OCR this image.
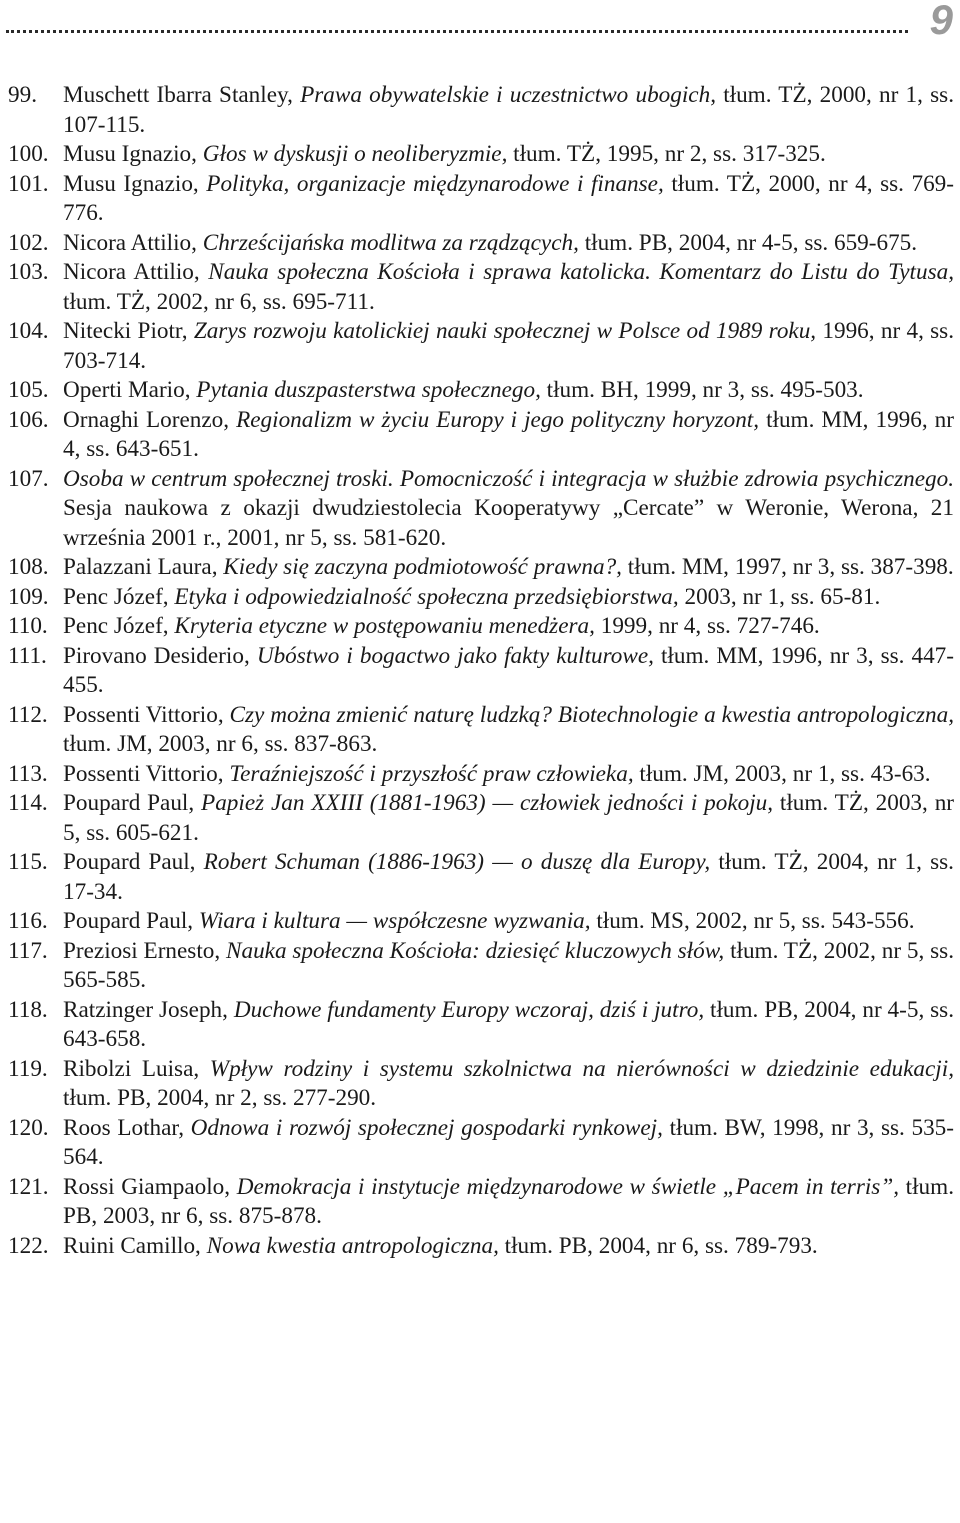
9
99.	Muschett Ibarra Stanley, Prawa obywatelskie i uczestnictwo ubogich, tłum. TŻ, 2000, nr 1, ss. 107-115.
100. Musu Ignazio, Głos w dyskusji o neoliberyzmie, tłum. TŻ, 1995, nr 2, ss. 317-325.
101. Musu Ignazio, Polityka, organizacje międzynarodowe i finanse, tłum. TŻ, 2000, nr 4, ss. 769-776.
102. Nicora Attilio, Chrześcijańska modlitwa za rządzących, tłum. PB, 2004, nr 4-5, ss. 659-675.
103. Nicora Attilio, Nauka społeczna Kościoła i sprawa katolicka. Komentarz do Listu do Tytusa, tłum. TŻ, 2002, nr 6, ss. 695-711.
104. Nitecki Piotr, Zarys rozwoju katolickiej nauki społecznej w Polsce od 1989 roku, 1996, nr 4, ss. 703-714.
105. Operti Mario, Pytania duszpasterstwa społecznego, tłum. BH, 1999, nr 3, ss. 495-503.
106. Ornaghi Lorenzo, Regionalizm w życiu Europy i jego polityczny horyzont, tłum. MM, 1996, nr 4, ss. 643-651.
107. Osoba w centrum społecznej troski. Pomocniczość i integracja w służbie zdrowia psychicznego. Sesja naukowa z okazji dwudziestolecia Kooperatywy „Cercate” w Weronie, Werona, 21 września 2001 r., 2001, nr 5, ss. 581-620.
108. Palazzani Laura, Kiedy się zaczyna podmiotowość prawna?, tłum. MM, 1997, nr 3, ss. 387-398.
109. Penc Józef, Etyka i odpowiedzialność społeczna przedsiębiorstwa, 2003, nr 1, ss. 65-81.
110. Penc Józef, Kryteria etyczne w postępowaniu menedżera, 1999, nr 4, ss. 727-746.
111. Pirovano Desiderio, Ubóstwo i bogactwo jako fakty kulturowe, tłum. MM, 1996, nr 3, ss. 447-455.
112. Possenti Vittorio, Czy można zmienić naturę ludzką? Biotechnologie a kwestia antropologiczna, tłum. JM, 2003, nr 6, ss. 837-863.
113. Possenti Vittorio, Teraźniejszość i przyszłość praw człowieka, tłum. JM, 2003, nr 1, ss. 43-63.
114. Poupard Paul, Papież Jan XXIII (1881-1963) — człowiek jedności i pokoju, tłum. TŻ, 2003, nr 5, ss. 605-621.
115. Poupard Paul, Robert Schuman (1886-1963) — o duszę dla Europy, tłum. TŻ, 2004, nr 1, ss. 17-34.
116. Poupard Paul, Wiara i kultura — współczesne wyzwania, tłum. MS, 2002, nr 5, ss. 543-556.
117. Preziosi Ernesto, Nauka społeczna Kościoła: dziesięć kluczowych słów, tłum. TŻ, 2002, nr 5, ss. 565-585.
118. Ratzinger Joseph, Duchowe fundamenty Europy wczoraj, dziś i jutro, tłum. PB, 2004, nr 4-5, ss. 643-658.
119. Ribolzi Luisa, Wpływ rodziny i systemu szkolnictwa na nierówności w dziedzinie edukacji, tłum. PB, 2004, nr 2, ss. 277-290.
120. Roos Lothar, Odnowa i rozwój społecznej gospodarki rynkowej, tłum. BW, 1998, nr 3, ss. 535-564.
121. Rossi Giampaolo, Demokracja i instytucje międzynarodowe w świetle „Pacem in terris”, tłum. PB, 2003, nr 6, ss. 875-878.
122. Ruini Camillo, Nowa kwestia antropologiczna, tłum. PB, 2004, nr 6, ss. 789-793.
